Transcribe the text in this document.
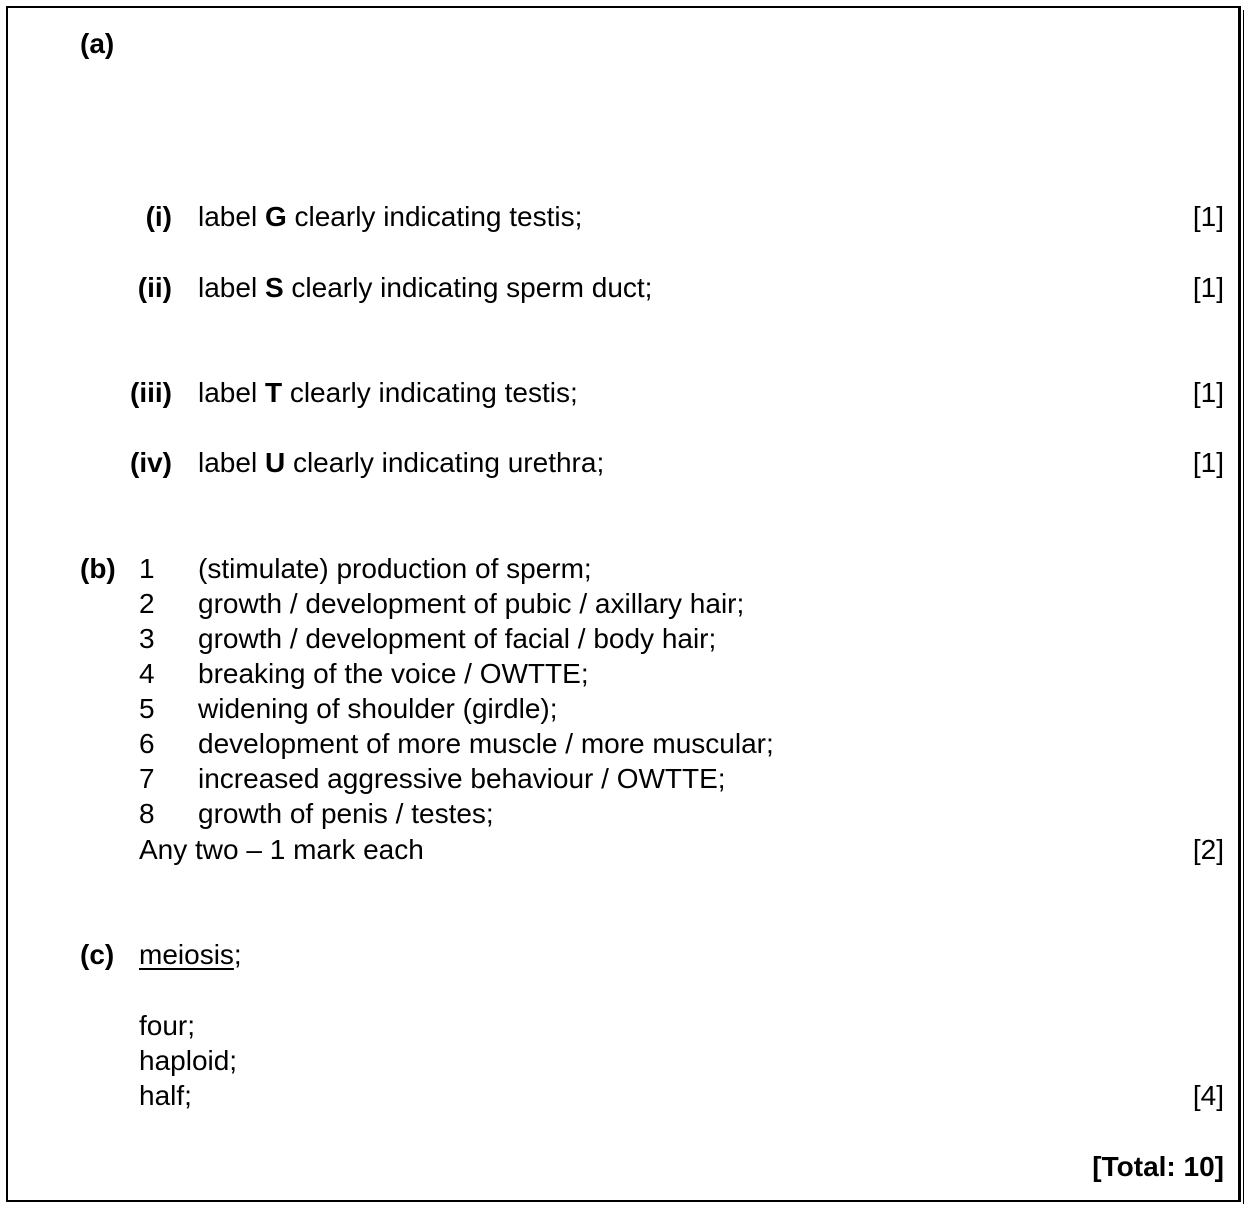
(a)
(i) label G clearly indicating testis;	[1]
(ii) label S clearly indicating sperm duct;	[1]
(iii) label T clearly indicating testis;	[1]
(iv) label U clearly indicating urethra;	[1]
(b) 1 (stimulate) production of sperm;
2 growth / development of pubic / axillary hair;
3 growth / development of facial / body hair;
4 breaking of the voice / OWTTE;
5 widening of shoulder (girdle);
6 development of more muscle / more muscular;
7 increased aggressive behaviour / OWTTE;
8 growth of penis / testes;
Any two – 1 mark each	[2]
(c) meiosis;
four;
haploid;
half;	[4]
[Total: 10]
